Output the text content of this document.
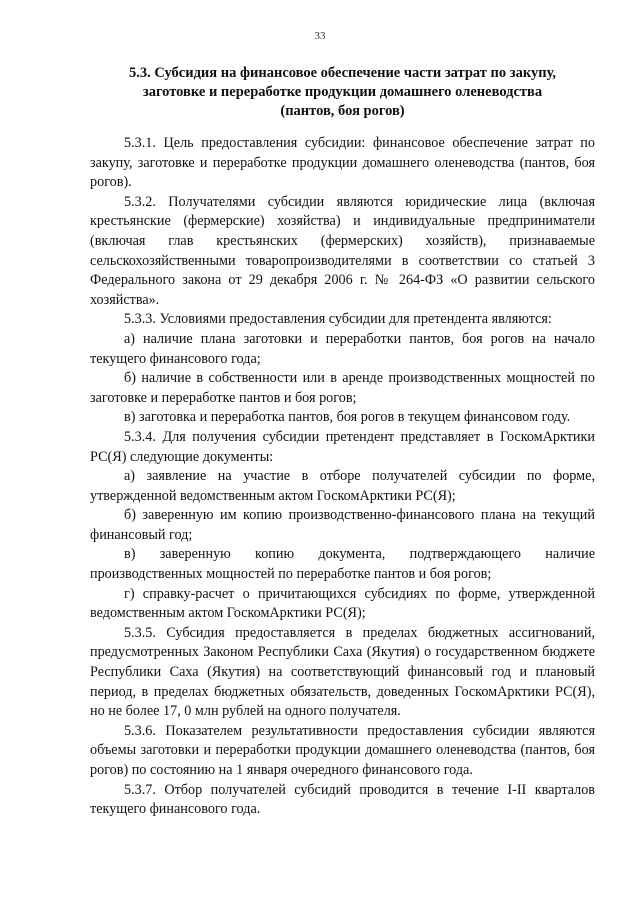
33
5.3. Субсидия на финансовое обеспечение части затрат по закупу,
заготовке и переработке продукции домашнего оленеводства
(пантов, боя рогов)

5.3.1. Цель предоставления субсидии: финансовое обеспечение затрат по закупу, заготовке и переработке продукции домашнего оленеводства (пантов, боя рогов).

5.3.2. Получателями субсидии являются юридические лица (включая крестьянские (фермерские) хозяйства) и индивидуальные предприниматели (включая глав крестьянских (фермерских) хозяйств), признаваемые сельскохозяйственными товаропроизводителями в соответствии со статьей 3 Федерального закона от 29 декабря 2006 г. № 264-ФЗ «О развитии сельского хозяйства».

5.3.3. Условиями предоставления субсидии для претендента являются:

а) наличие плана заготовки и переработки пантов, боя рогов на начало текущего финансового года;

б) наличие в собственности или в аренде производственных мощностей по заготовке и переработке пантов и боя рогов;

в) заготовка и переработка пантов, боя рогов в текущем финансовом году.

5.3.4. Для получения субсидии претендент представляет в ГоскомАрктики РС(Я) следующие документы:

а) заявление на участие в отборе получателей субсидии по форме, утвержденной ведомственным актом ГоскомАрктики РС(Я);

б) заверенную им копию производственно-финансового плана на текущий финансовый год;

в) заверенную копию документа, подтверждающего наличие производственных мощностей по переработке пантов и боя рогов;

г) справку-расчет о причитающихся субсидиях по форме, утвержденной ведомственным актом ГоскомАрктики РС(Я);

5.3.5. Субсидия предоставляется в пределах бюджетных ассигнований, предусмотренных Законом Республики Саха (Якутия) о государственном бюджете Республики Саха (Якутия) на соответствующий финансовый год и плановый период, в пределах бюджетных обязательств, доведенных ГоскомАрктики РС(Я), но не более 17, 0 млн рублей на одного получателя.

5.3.6. Показателем результативности предоставления субсидии являются объемы заготовки и переработки продукции домашнего оленеводства (пантов, боя рогов) по состоянию на 1 января очередного финансового года.

5.3.7. Отбор получателей субсидий проводится в течение I-II кварталов текущего финансового года.
